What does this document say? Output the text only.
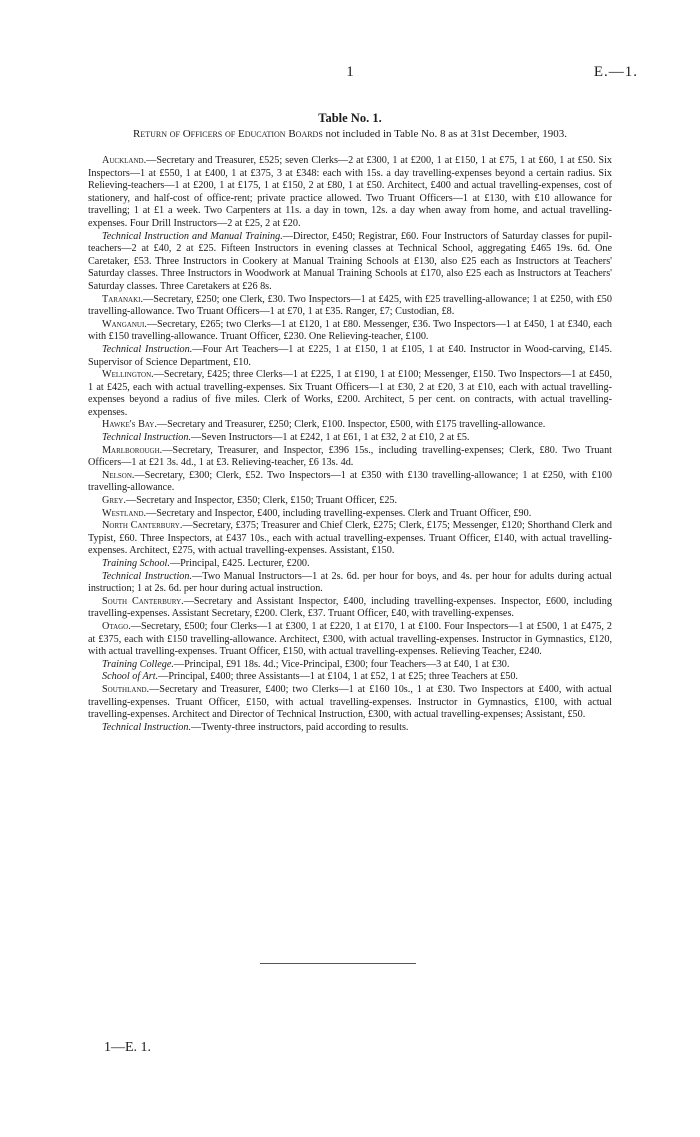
1	E.—1.
Table No. 1.
Return of Officers of Education Boards not included in Table No. 8 as at 31st December, 1903.

Auckland.—Secretary and Treasurer, £525; seven Clerks—2 at £300, 1 at £200, 1 at £150, 1 at £75, 1 at £60, 1 at £50. Six Inspectors—1 at £550, 1 at £400, 1 at £375, 3 at £348: each with 15s. a day travelling-expenses beyond a certain radius. Six Relieving-teachers—1 at £200, 1 at £175, 1 at £150, 2 at £80, 1 at £50. Architect, £400 and actual travelling-expenses, cost of stationery, and half-cost of office-rent; private practice allowed. Two Truant Officers—1 at £130, with £10 allowance for travelling; 1 at £1 a week. Two Carpenters at 11s. a day in town, 12s. a day when away from home, and actual travelling-expenses. Four Drill Instructors—2 at £25, 2 at £20.

Technical Instruction and Manual Training.—Director, £450; Registrar, £60. Four Instructors of Saturday classes for pupil-teachers—2 at £40, 2 at £25. Fifteen Instructors in evening classes at Technical School, aggregating £465 19s. 6d. One Caretaker, £53. Three Instructors in Cookery at Manual Training Schools at £130, also £25 each as Instructors at Teachers' Saturday classes. Three Instructors in Woodwork at Manual Training Schools at £170, also £25 each as Instructors at Teachers' Saturday classes. Three Caretakers at £26 8s.

Taranaki.—Secretary, £250; one Clerk, £30. Two Inspectors—1 at £425, with £25 travelling-allowance; 1 at £250, with £50 travelling-allowance. Two Truant Officers—1 at £70, 1 at £35. Ranger, £7; Custodian, £8.

Wanganui.—Secretary, £265; two Clerks—1 at £120, 1 at £80. Messenger, £36. Two Inspectors—1 at £450, 1 at £340, each with £150 travelling-allowance. Truant Officer, £230. One Relieving-teacher, £100.

Technical Instruction.—Four Art Teachers—1 at £225, 1 at £150, 1 at £105, 1 at £40. Instructor in Wood-carving, £145. Supervisor of Science Department, £10.

Wellington.—Secretary, £425; three Clerks—1 at £225, 1 at £190, 1 at £100; Messenger, £150. Two Inspectors—1 at £450, 1 at £425, each with actual travelling-expenses. Six Truant Officers—1 at £30, 2 at £20, 3 at £10, each with actual travelling-expenses beyond a radius of five miles. Clerk of Works, £200. Architect, 5 per cent. on contracts, with actual travelling-expenses.

Hawke's Bay.—Secretary and Treasurer, £250; Clerk, £100. Inspector, £500, with £175 travelling-allowance.

Technical Instruction.—Seven Instructors—1 at £242, 1 at £61, 1 at £32, 2 at £10, 2 at £5.

Marlborough.—Secretary, Treasurer, and Inspector, £396 15s., including travelling-expenses; Clerk, £80. Two Truant Officers—1 at £21 3s. 4d., 1 at £3. Relieving-teacher, £6 13s. 4d.

Nelson.—Secretary, £300; Clerk, £52. Two Inspectors—1 at £350 with £130 travelling-allowance; 1 at £250, with £100 travelling-allowance.

Grey.—Secretary and Inspector, £350; Clerk, £150; Truant Officer, £25.

Westland.—Secretary and Inspector, £400, including travelling-expenses. Clerk and Truant Officer, £90.

North Canterbury.—Secretary, £375; Treasurer and Chief Clerk, £275; Clerk, £175; Messenger, £120; Shorthand Clerk and Typist, £60. Three Inspectors, at £437 10s., each with actual travelling-expenses. Truant Officer, £140, with actual travelling-expenses. Architect, £275, with actual travelling-expenses. Assistant, £150.

Training School.—Principal, £425. Lecturer, £200.

Technical Instruction.—Two Manual Instructors—1 at 2s. 6d. per hour for boys, and 4s. per hour for adults during actual instruction; 1 at 2s. 6d. per hour during actual instruction.

South Canterbury.—Secretary and Assistant Inspector, £400, including travelling-expenses. Inspector, £600, including travelling-expenses. Assistant Secretary, £200. Clerk, £37. Truant Officer, £40, with travelling-expenses.

Otago.—Secretary, £500; four Clerks—1 at £300, 1 at £220, 1 at £170, 1 at £100. Four Inspectors—1 at £500, 1 at £475, 2 at £375, each with £150 travelling-allowance. Architect, £300, with actual travelling-expenses. Instructor in Gymnastics, £120, with actual travelling-expenses. Truant Officer, £150, with actual travelling-expenses. Relieving Teacher, £240.

Training College.—Principal, £91 18s. 4d.; Vice-Principal, £300; four Teachers—3 at £40, 1 at £30.

School of Art.—Principal, £400; three Assistants—1 at £104, 1 at £52, 1 at £25; three Teachers at £50.

Southland.—Secretary and Treasurer, £400; two Clerks—1 at £160 10s., 1 at £30. Two Inspectors at £400, with actual travelling-expenses. Truant Officer, £150, with actual travelling-expenses. Instructor in Gymnastics, £100, with actual travelling-expenses. Architect and Director of Technical Instruction, £300, with actual travelling-expenses; Assistant, £50.

Technical Instruction.—Twenty-three instructors, paid according to results.

1—E. 1.
